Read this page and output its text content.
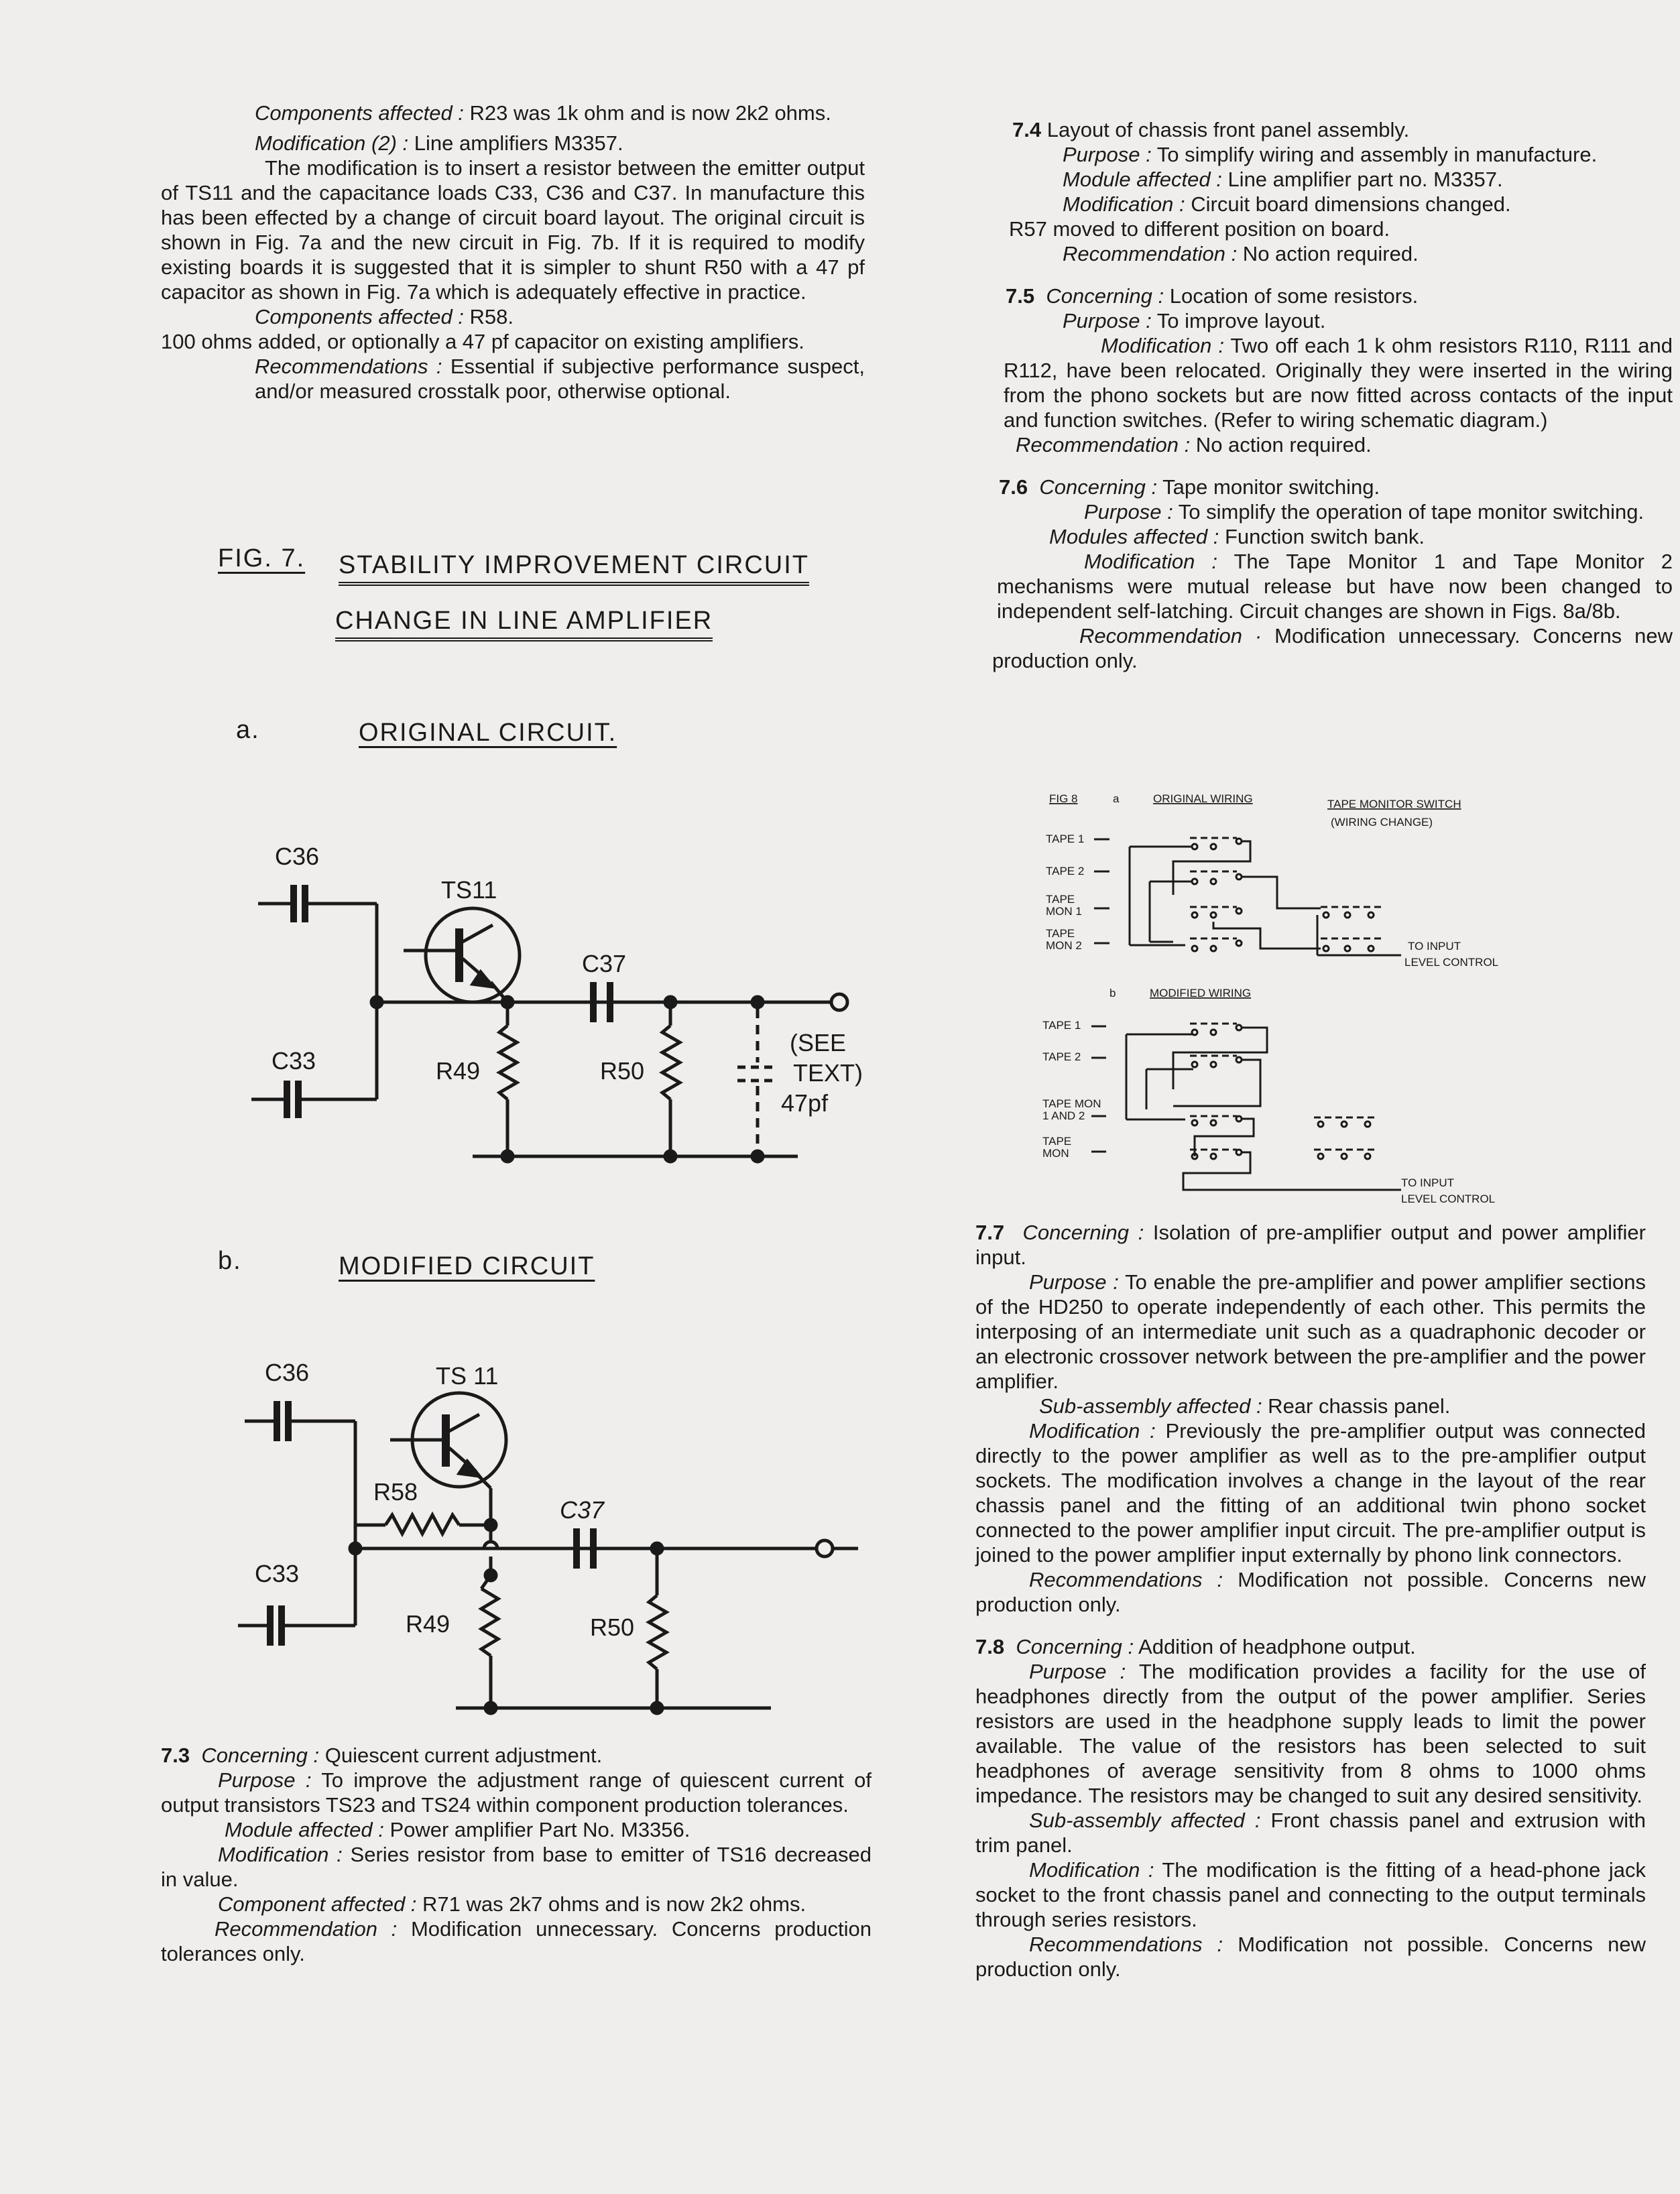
Components affected : R23 was 1k ohm and is now 2k2 ohms.

Modification (2) : Line amplifiers M3357.

The modification is to insert a resistor between the emitter output of TS11 and the capacitance loads C33, C36 and C37. In manufacture this has been effected by a change of circuit board layout. The original circuit is shown in Fig. 7a and the new circuit in Fig. 7b. If it is required to modify existing boards it is suggested that it is simpler to shunt R50 with a 47 pf capacitor as shown in Fig. 7a which is adequately effective in practice.

Components affected : R58.

100 ohms added, or optionally a 47 pf capacitor on existing amplifiers.

Recommendations : Essential if subjective performance suspect, and/or measured crosstalk poor, otherwise optional.

FIG. 7. STABILITY IMPROVEMENT CIRCUIT
CHANGE IN LINE AMPLIFIER
a.	ORIGINAL CIRCUIT.
b.	MODIFIED CIRCUIT
C36
C33
TS11
C37
R49	R50
(SEE
TEXT)
47pf
C36
C33
TS 11
R58
R49
C37
R50

7.3 Concerning : Quiescent current adjustment.

Purpose : To improve the adjustment range of quiescent current of output transistors TS23 and TS24 within component production tolerances.

Module affected : Power amplifier Part No. M3356.

Modification : Series resistor from base to emitter of TS16 decreased in value.

Component affected : R71 was 2k7 ohms and is now 2k2 ohms.

Recommendation : Modification unnecessary. Concerns production tolerances only.

7.4 Layout of chassis front panel assembly.

Purpose : To simplify wiring and assembly in manufacture.

Module affected : Line amplifier part no. M3357.

Modification : Circuit board dimensions changed.

R57 moved to different position on board.

Recommendation : No action required.

7.5 Concerning : Location of some resistors.

Purpose : To improve layout.

Modification : Two off each 1 k ohm resistors R110, R111 and R112, have been relocated. Originally they were inserted in the wiring from the phono sockets but are now fitted across contacts of the input and function switches. (Refer to wiring schematic diagram.)

Recommendation : No action required.

7.6 Concerning : Tape monitor switching.

Purpose : To simplify the operation of tape monitor switching.

Modules affected : Function switch bank.

Modification : The Tape Monitor 1 and Tape Monitor 2 mechanisms were mutual release but have now been changed to independent self-latching. Circuit changes are shown in Figs. 8a/8b.

Recommendation · Modification unnecessary. Concerns new production only.

FIG 8	a	ORIGINAL WIRING	TAPE MONITOR SWITCH
(WIRING CHANGE)
TAPE 1
TAPE 2
TAPE
MON 1
TAPE
MON 2	TO INPUT
LEVEL CONTROL
b	MODIFIED WIRING
TAPE 1
TAPE 2
TAPE MON
1 AND 2
TAPE
MON
TO INPUT
LEVEL CONTROL

7.7 Concerning : Isolation of pre-amplifier output and power amplifier input.

Purpose : To enable the pre-amplifier and power amplifier sections of the HD250 to operate independently of each other. This permits the interposing of an intermediate unit such as a quadraphonic decoder or an electronic crossover network between the pre-amplifier and the power amplifier.

Sub-assembly affected : Rear chassis panel.

Modification : Previously the pre-amplifier output was connected directly to the power amplifier as well as to the pre-amplifier output sockets. The modification involves a change in the layout of the rear chassis panel and the fitting of an additional twin phono socket connected to the power amplifier input circuit. The pre-amplifier output is joined to the power amplifier input externally by phono link connectors.

Recommendations : Modification not possible. Concerns new production only.

7.8 Concerning : Addition of headphone output.

Purpose : The modification provides a facility for the use of headphones directly from the output of the power amplifier. Series resistors are used in the headphone supply leads to limit the power available. The value of the resistors has been selected to suit headphones of average sensitivity from 8 ohms to 1000 ohms impedance. The resistors may be changed to suit any desired sensitivity.

Sub-assembly affected : Front chassis panel and extrusion with trim panel.

Modification : The modification is the fitting of a head-phone jack socket to the front chassis panel and connecting to the output terminals through series resistors.

Recommendations : Modification not possible. Concerns new production only.
